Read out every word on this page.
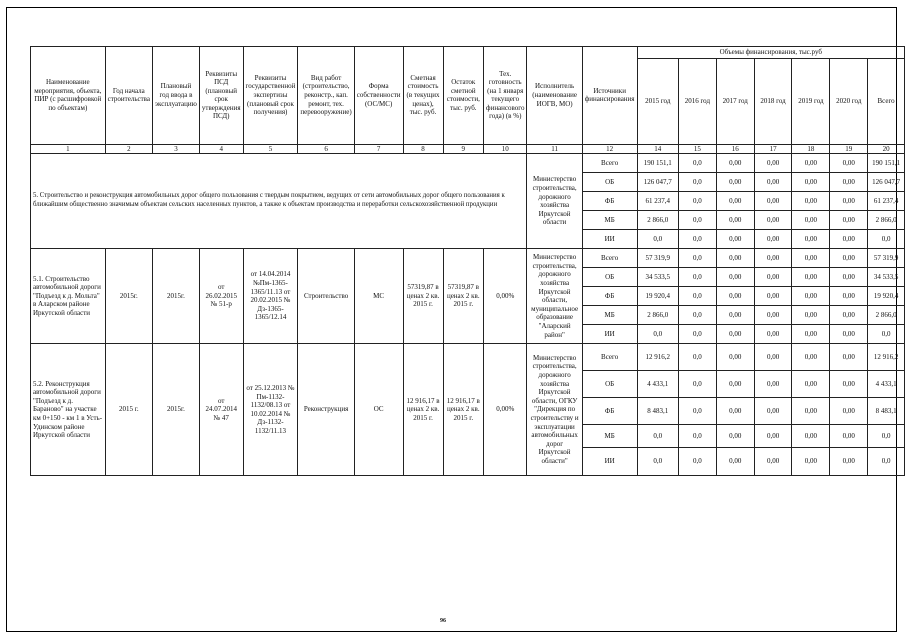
Наименование мероприятия, объекта, ПИР (с расшифровкой по объектам)	Год начала строительства	Плановый год ввода в эксплуатацию	Реквизиты ПСД (плановый срок утверждения ПСД)	Реквизиты государственной экспертизы (плановый срок получения)	Вид работ (строительство, реконстр., кап. ремонт, тех. перевооружение)	Форма собственности (ОС/МС)	Сметная стоимость (в текущих ценах), тыс. руб.	Остаток сметной стоимости, тыс. руб.	Тех. готовность (на 1 января текущего финансового года) (в %)	Исполнитель (наименование ИОГВ, МО)	Источники финансирования	Объемы финансирования, тыс.руб						
												2015 год	2016 год	2017 год	2018 год	2019 год	2020 год	Всего
1	2	3	4	5	6	7	8	9	10	11	12	14	15	16	17	18	19	20
5. Строительство и реконструкция автомобильных дорог общего пользования с твердым покрытием, ведущих от сети автомобильных дорог общего пользования к ближайшим общественно значимым объектам сельских населенных пунктов, а также к объектам производства и переработки сельскохозяйственной продукции										Министерство строительства, дорожного хозяйства Иркутской области	Всего	190 151,1	0,0	0,00	0,00	0,00	0,00	190 151,1
											ОБ	126 047,7	0,0	0,00	0,00	0,00	0,00	126 047,7
											ФБ	61 237,4	0,0	0,00	0,00	0,00	0,00	61 237,4
											МБ	2 866,0	0,0	0,00	0,00	0,00	0,00	2 866,0
											ИИ	0,0	0,0	0,00	0,00	0,00	0,00	0,0
5.1. Строительство автомобильной дороги "Подъезд к д. Мольта" в Аларском районе Иркутской области	2015г.	2015г.	от 26.02.2015 № 51-р	от 14.04.2014 №Пм-1365-1365/11.13 от 20.02.2015 № Дз-1365-1365/12.14	Строительство	МС	57319,87 в ценах 2 кв. 2015 г.	57319,87 в ценах 2 кв. 2015 г.	0,00%	Министерство строительства, дорожного хозяйства Иркутской области, муниципальное образование "Аларский район"	Всего	57 319,9	0,0	0,00	0,00	0,00	0,00	57 319,9
											ОБ	34 533,5	0,0	0,00	0,00	0,00	0,00	34 533,5
											ФБ	19 920,4	0,0	0,00	0,00	0,00	0,00	19 920,4
											МБ	2 866,0	0,0	0,00	0,00	0,00	0,00	2 866,0
											ИИ	0,0	0,0	0,00	0,00	0,00	0,00	0,0
5.2. Реконструкция автомобильной дороги "Подъезд к д. Бараново" на участке км 0+150 - км 1 в Усть-Удинском районе Иркутской области	2015 г.	2015г.	от 24.07.2014 № 47	от 25.12.2013 № Пм-1132-1132/08.13 от 10.02.2014 № Дз-1132-1132/11.13	Реконструкция	ОС	12 916,17 в ценах 2 кв. 2015 г.	12 916,17 в ценах 2 кв. 2015 г.	0,00%	Министерство строительства, дорожного хозяйства Иркутской области, ОГКУ "Дирекция по строительству и эксплуатации автомобильных дорог Иркутской области"	Всего	12 916,2	0,0	0,00	0,00	0,00	0,00	12 916,2
											ОБ	4 433,1	0,0	0,00	0,00	0,00	0,00	4 433,1
											ФБ	8 483,1	0,0	0,00	0,00	0,00	0,00	8 483,1
											МБ	0,0	0,0	0,00	0,00	0,00	0,00	0,0
											ИИ	0,0	0,0	0,00	0,00	0,00	0,00	0,0
96
